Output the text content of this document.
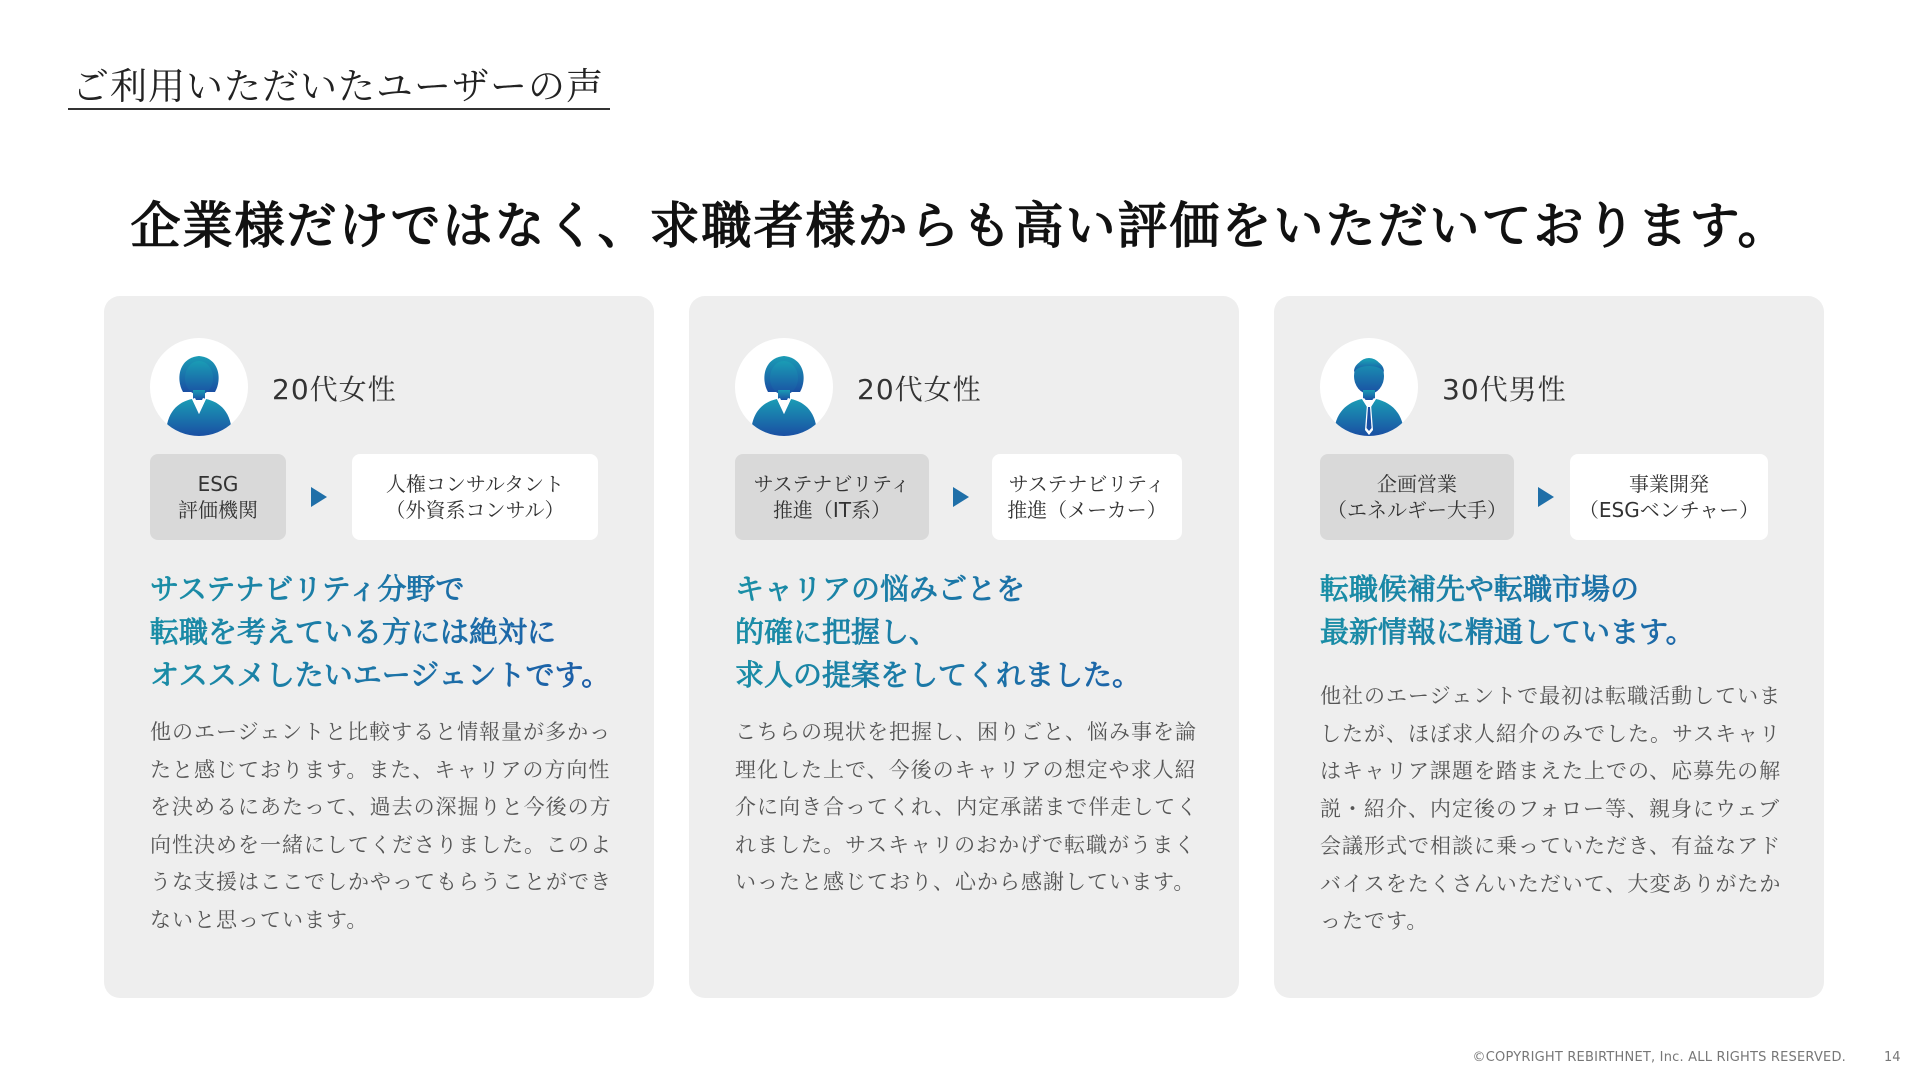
ご利用いただいたユーザーの声
企業様だけではなく、求職者様からも高い評価をいただいております。
20代女性
ESG
評価機関
人権コンサルタント
（外資系コンサル）
サステナビリティ分野で
転職を考えている方には絶対に
オススメしたいエージェントです。
他のエージェントと比較すると情報量が多かったと感じております。また、キャリアの方向性を決めるにあたって、過去の深掘りと今後の方向性決めを一緒にしてくださりました。このような支援はここでしかやってもらうことができないと思っています。
20代女性
サステナビリティ
推進（IT系）
サステナビリティ
推進（メーカー）
キャリアの悩みごとを
的確に把握し、
求人の提案をしてくれました。
こちらの現状を把握し、困りごと、悩み事を論理化した上で、今後のキャリアの想定や求人紹介に向き合ってくれ、内定承諾まで伴走してくれました。サスキャリのおかげで転職がうまくいったと感じており、心から感謝しています。
30代男性
企画営業
（エネルギー大手）
事業開発
（ESGベンチャー）
転職候補先や転職市場の
最新情報に精通しています。
他社のエージェントで最初は転職活動していましたが、ほぼ求人紹介のみでした。サスキャリはキャリア課題を踏まえた上での、応募先の解説・紹介、内定後のフォロー等、親身にウェブ会議形式で相談に乗っていただき、有益なアドバイスをたくさんいただいて、大変ありがたかったです。
©COPYRIGHT REBIRTHNET, Inc. ALL RIGHTS RESERVED.	14
